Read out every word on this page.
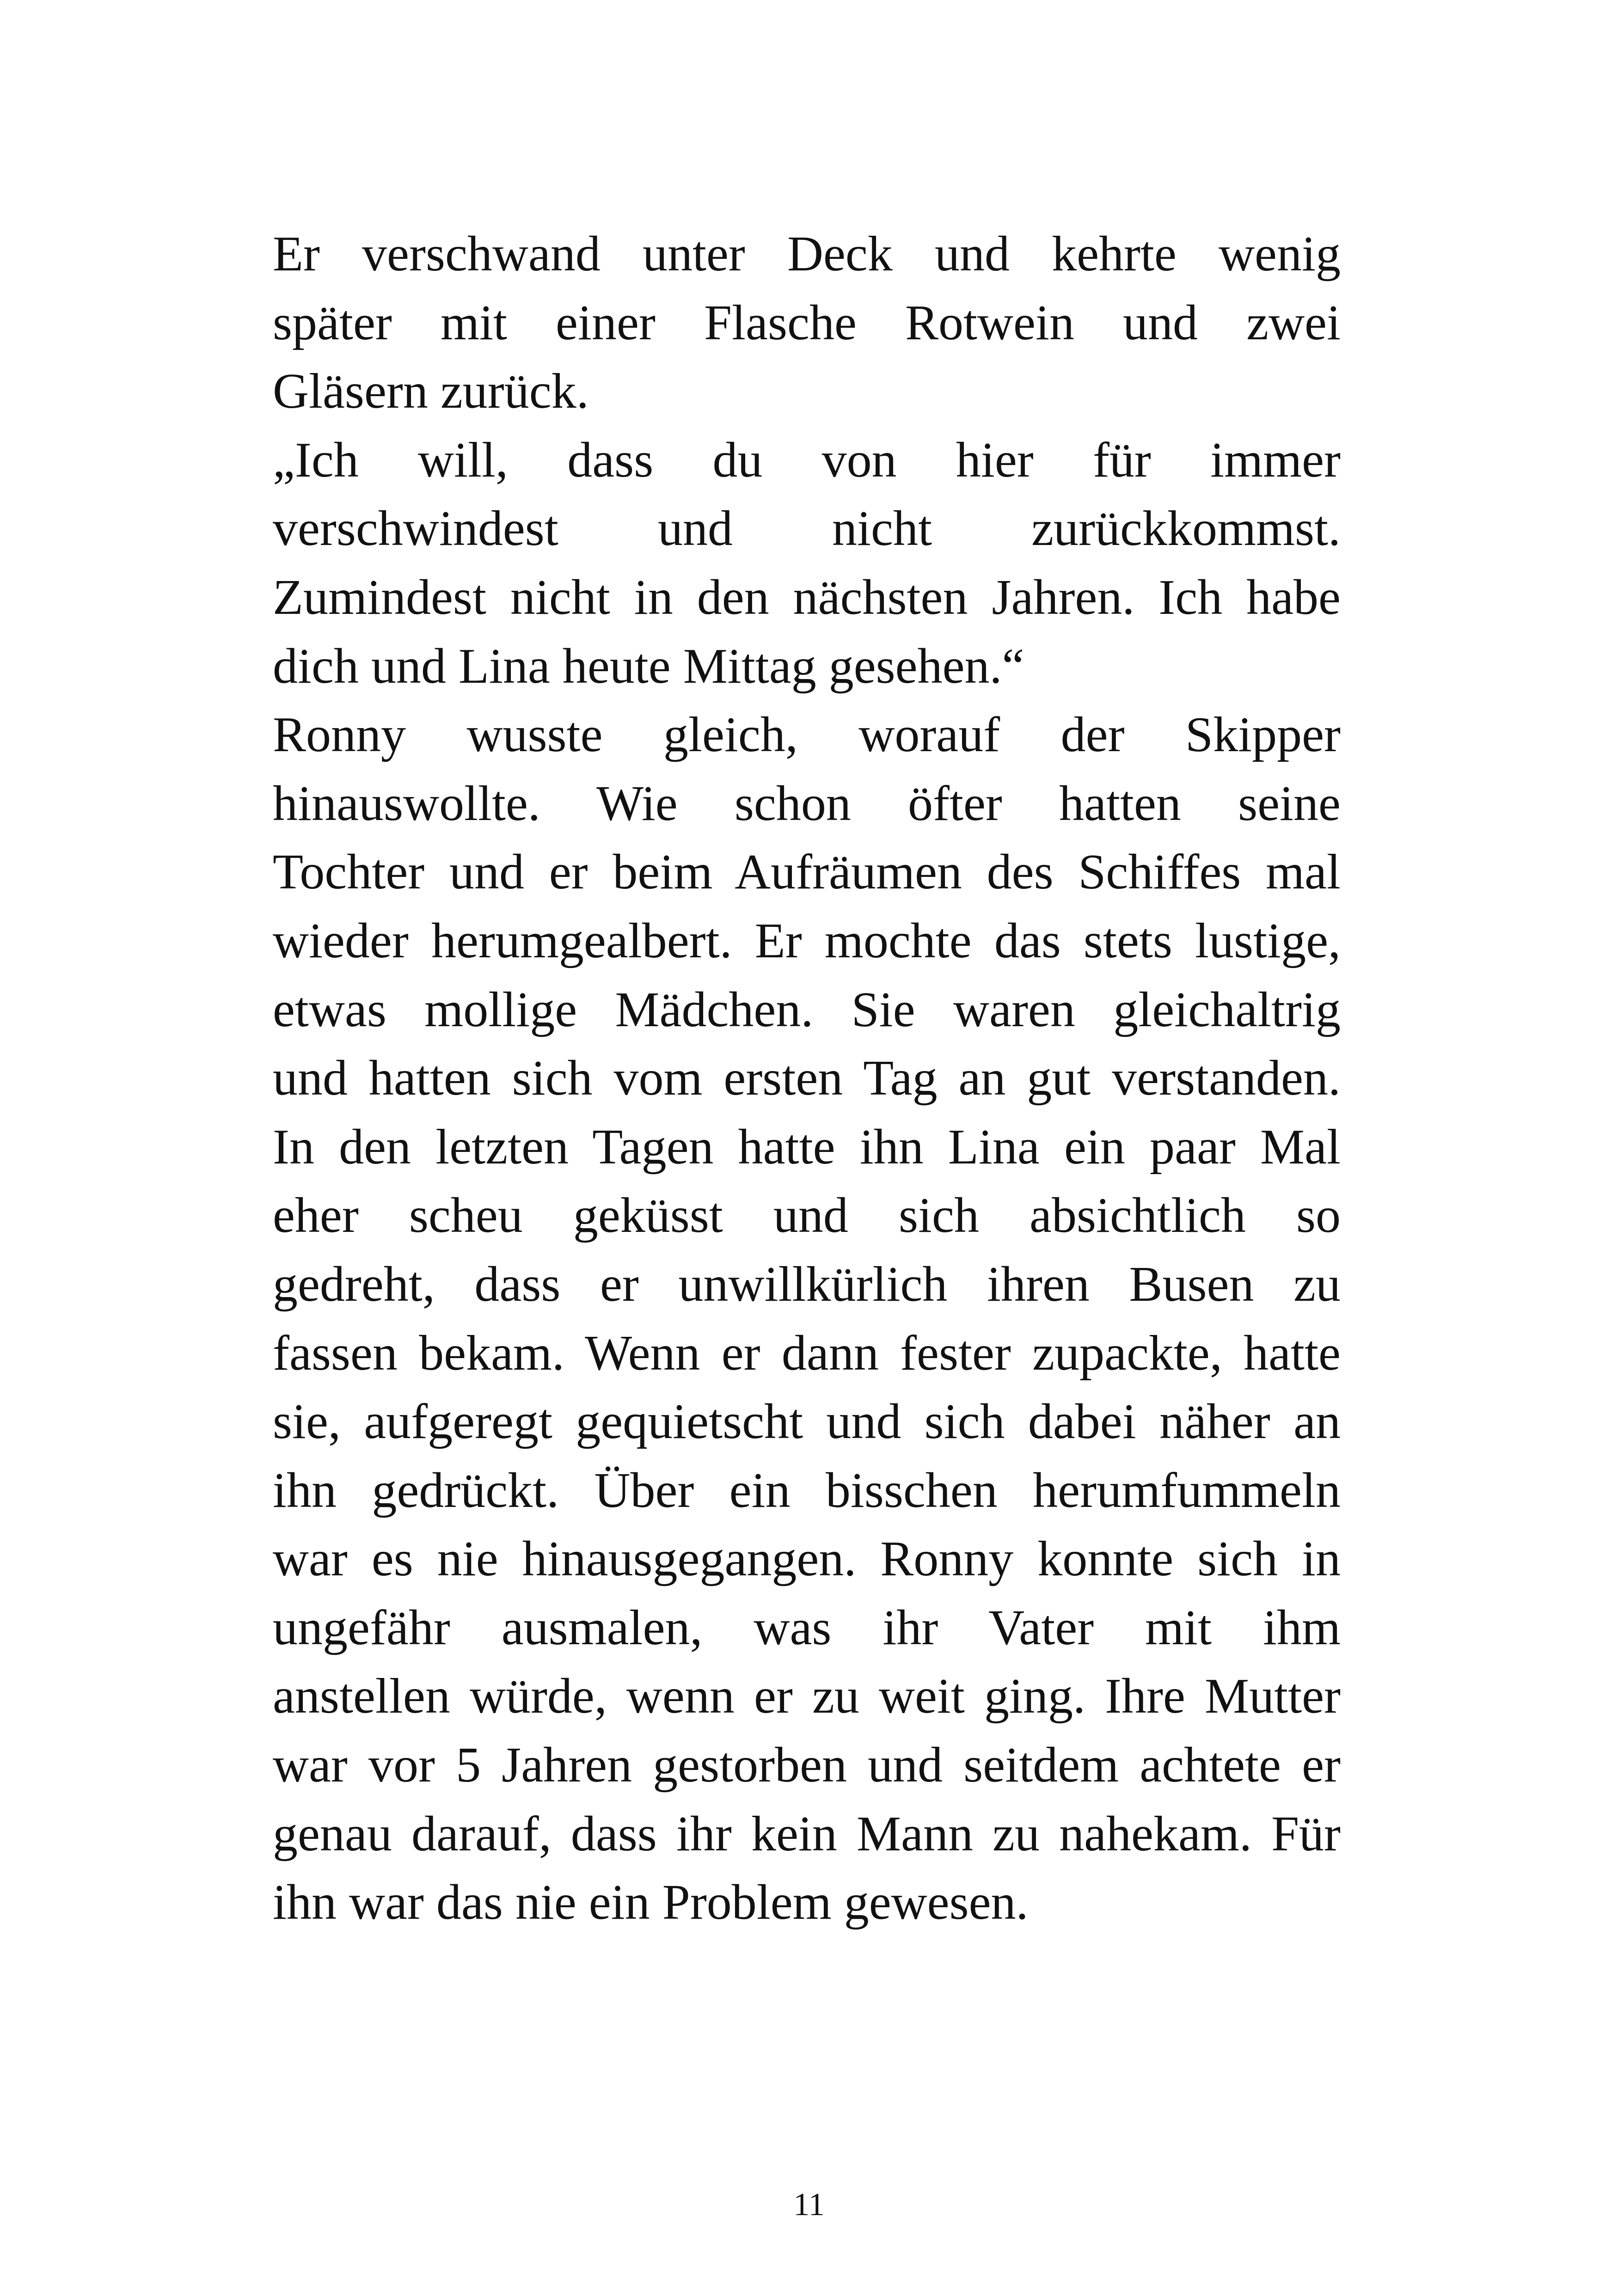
Er verschwand unter Deck und kehrte wenig
später mit einer Flasche Rotwein und zwei
Gläsern zurück.
„Ich will, dass du von hier für immer
verschwindest und nicht zurückkommst.
Zumindest nicht in den nächsten Jahren. Ich habe
dich und Lina heute Mittag gesehen.“
Ronny wusste gleich, worauf der Skipper
hinauswollte. Wie schon öfter hatten seine
Tochter und er beim Aufräumen des Schiffes mal
wieder herumgealbert. Er mochte das stets lustige,
etwas mollige Mädchen. Sie waren gleichaltrig
und hatten sich vom ersten Tag an gut verstanden.
In den letzten Tagen hatte ihn Lina ein paar Mal
eher scheu geküsst und sich absichtlich so
gedreht, dass er unwillkürlich ihren Busen zu
fassen bekam. Wenn er dann fester zupackte, hatte
sie, aufgeregt gequietscht und sich dabei näher an
ihn gedrückt. Über ein bisschen herumfummeln
war es nie hinausgegangen. Ronny konnte sich in
ungefähr ausmalen, was ihr Vater mit ihm
anstellen würde, wenn er zu weit ging. Ihre Mutter
war vor 5 Jahren gestorben und seitdem achtete er
genau darauf, dass ihr kein Mann zu nahekam. Für
ihn war das nie ein Problem gewesen.
11
